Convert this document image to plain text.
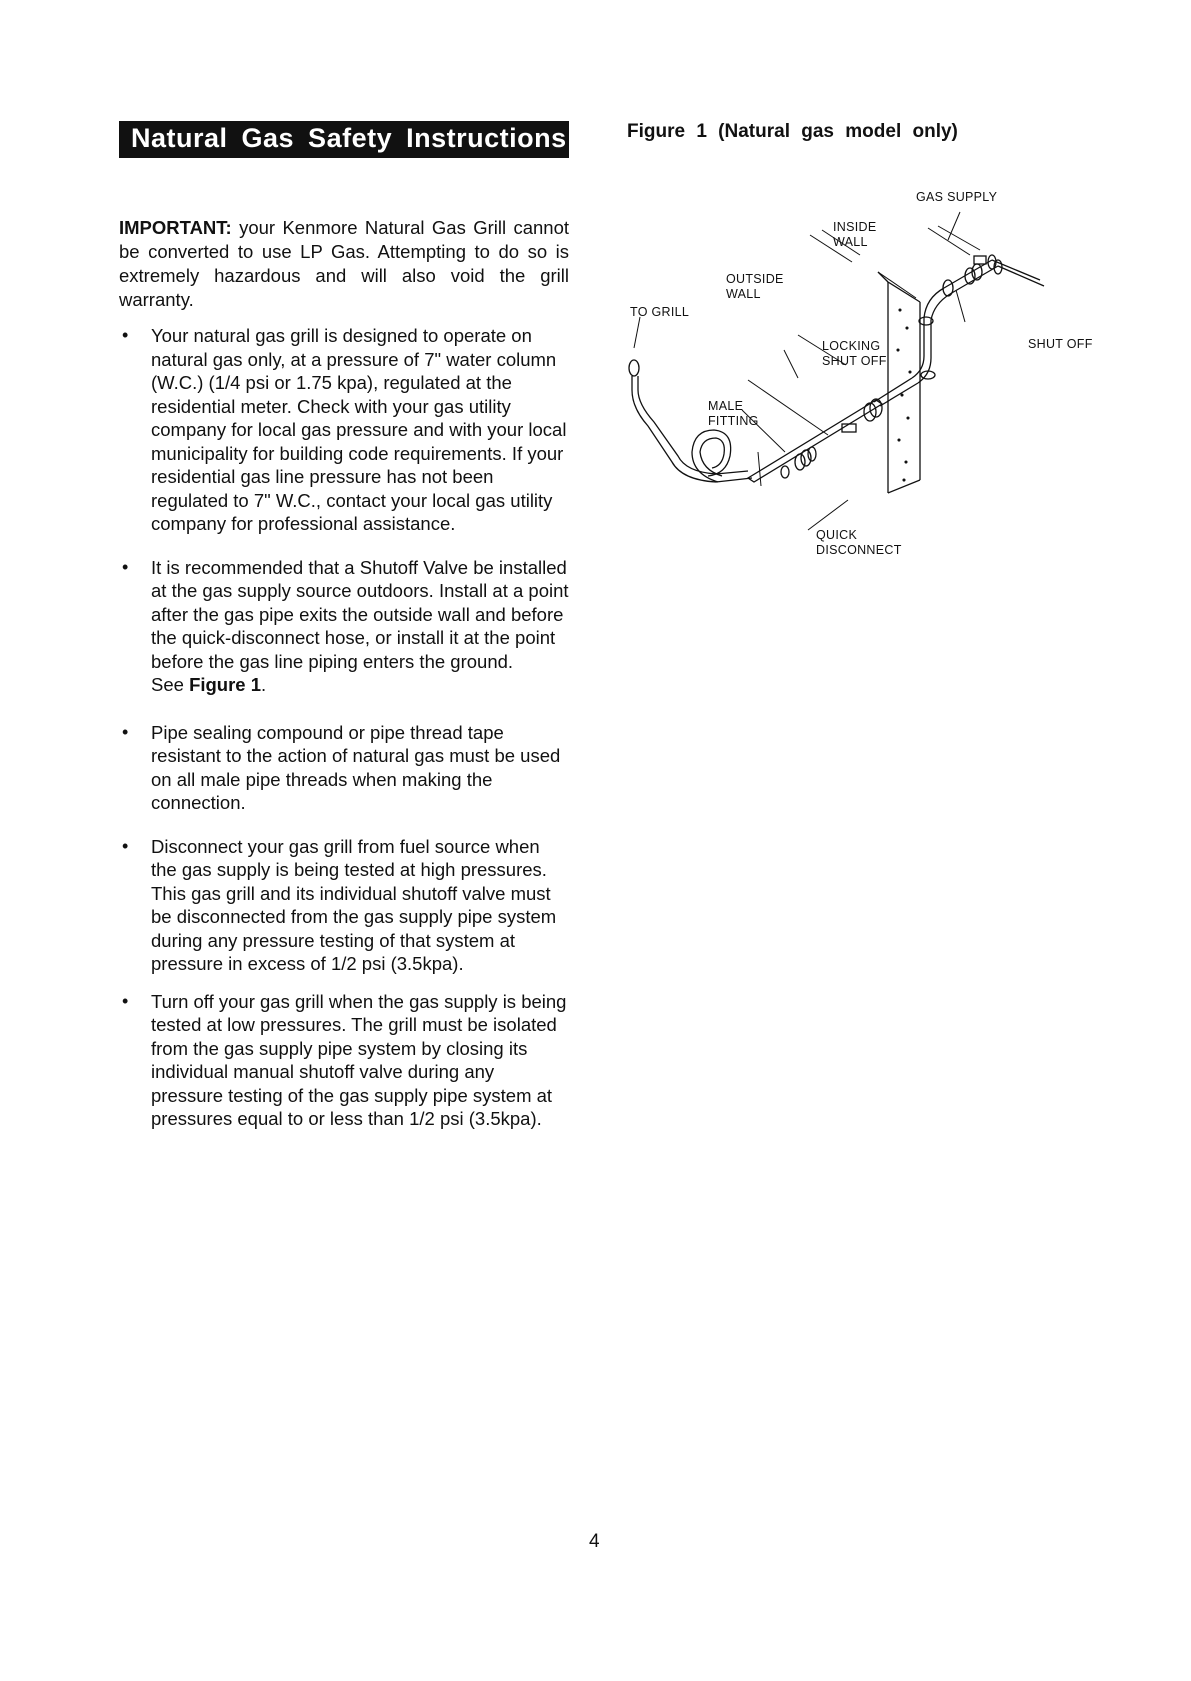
Natural Gas Safety Instructions

IMPORTANT: your Kenmore Natural Gas Grill cannot be converted to use LP Gas. Attempting to do so is extremely hazardous and will also void the grill warranty.

• Your natural gas grill is designed to operate on natural gas only, at a pressure of 7" water column (W.C.) (1/4 psi or 1.75 kpa), regulated at the residential meter. Check with your gas utility company for local gas pressure and with your local municipality for building code requirements. If your residential gas line pressure has not been regulated to 7" W.C., contact your local gas utility company for professional assistance.
• It is recommended that a Shutoff Valve be installed at the gas supply source outdoors. Install at a point after the gas pipe exits the outside wall and before the quick-disconnect hose, or install it at the point before the gas line piping enters the ground.
See Figure 1.
• Pipe sealing compound or pipe thread tape resistant to the action of natural gas must be used on all male pipe threads when making the connection.
• Disconnect your gas grill from fuel source when the gas supply is being tested at high pressures. This gas grill and its individual shutoff valve must be disconnected from the gas supply pipe system during any pressure testing of that system at pressure in excess of 1/2 psi (3.5kpa).
• Turn off your gas grill when the gas supply is being tested at low pressures. The grill must be isolated from the gas supply pipe system by closing its individual manual shutoff valve during any pressure testing of the gas supply pipe system at pressures equal to or less than 1/2 psi (3.5kpa).
Figure 1 (Natural gas model only)
GAS SUPPLY
INSIDE
WALL
OUTSIDE
WALL
TO GRILL
SHUT OFF
LOCKING
SHUT OFF
MALE
FITTING
QUICK
DISCONNECT
4
